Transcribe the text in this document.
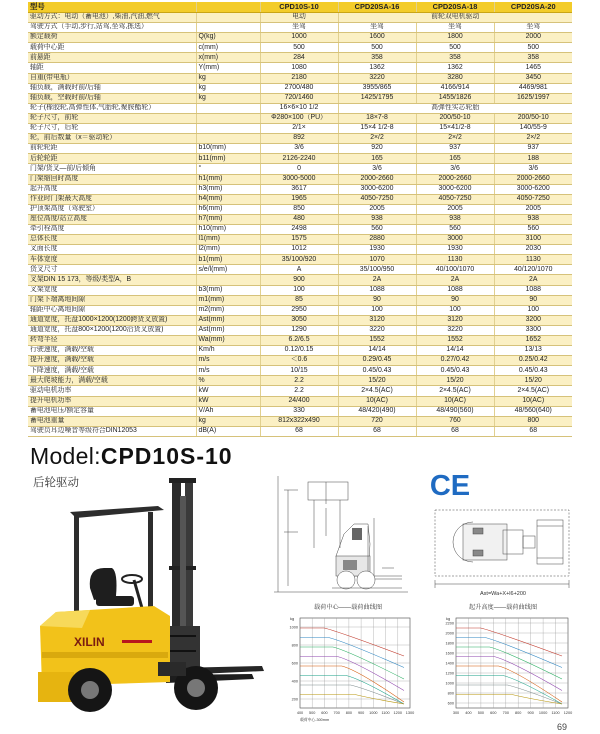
型号		CPD10S-10	CPD20SA-16	CPD20SA-18	CPD20SA-20
驱动方式：电动（蓄电池）,柴油,汽油,燃气		电动	前轮双电机驱动		
驾驶方式（手动,步行,站驾,坐驾,拣选）		坐驾	坐驾	坐驾	坐驾
额定载荷	Q(kg)	1000	1600	1800	2000
载荷中心距	c(mm)	500	500	500	500
前悬距	x(mm)	284	358	358	358
轴距	Y(mm)	1080	1362	1362	1465
自重(带电瓶）	kg	2180	3220	3280	3450
轴负载，满载时前/后轴	kg	2700/480	3955/865	4166/914	4469/981
轴负载，空载时前/后轴	kg	720/1460	1425/1795	1455/1826	1625/1997
轮子(橡胶轮,高弹性体,气胎轮,聚胺酯轮）		16×6×10 1/2	高弹性实芯轮胎		
轮子尺寸，前轮		Φ280×100（PU）	18×7-8	200/50-10	200/50-10
轮子尺寸，后轮		2/1×	15×4 1/2-8	15×41/2-8	140/55-9
轮，前后数量（x＝驱动轮）		892	2×/2	2×/2	2×/2
前轮轮距	b10(mm)	3/6	920	937	937
后轮轮距	b11(mm)	2126-2240	165	165	188
门架/货叉—前/后倾角	°	0	3/6	3/6	3/6
门架缩回时高度	h1(mm)	3000-5000	2000-2660	2000-2660	2000-2660
起升高度	h3(mm)	3617	3000-6200	3000-6200	3000-6200
作业时门架最大高度	h4(mm)	1965	4050-7250	4050-7250	4050-7250
护顶架高度（驾驶室）	h6(mm)	850	2005	2005	2005
座位高度/站立高度	h7(mm)	480	938	938	938
牵引栓高度	h10(mm)	2498	560	560	560
总体长度	l1(mm)	1575	2880	3000	3100
叉面长度	l2(mm)	1012	1930	1930	2030
车体宽度	b1(mm)	35/100/920	1070	1130	1130
货叉尺寸	s/e/l(mm)	A	35/100/950	40/100/1070	40/120/1070
叉架DIN 15 173，等级/类型A，B		900	2A	2A	2A
叉架宽度	b3(mm)	100	1088	1088	1088
门架下端离地间隙	m1(mm)	85	90	90	90
轴距中心离地间隙	m2(mm)	2950	100	100	100
通道宽度，托盘1000×1200(1200跨货叉放置)	Ast(mm)	3050	3120	3120	3200
通道宽度，托盘800×1200(1200沿货叉放置)	Ast(mm)	1290	3220	3220	3300
转弯半径	Wa(mm)	6.2/6.5	1552	1552	1652
行驶速度，满载/空载	Km/h	0.12/0.15	14/14	14/14	13/13
提升速度，满载/空载	m/s	＜0.6	0.29/0.45	0.27/0.42	0.25/0.42
下降速度，满载/空载	m/s	10/15	0.45/0.43	0.45/0.43	0.45/0.43
最大爬坡能力，满载/空载	%	2.2	15/20	15/20	15/20
驱动电机功率	kW	2.2	2×4.5(AC)	2×4.5(AC)	2×4.5(AC)
提升电机功率	kW	24/400	10(AC)	10(AC)	10(AC)
蓄电池电压/额定容量	V/Ah	330	48/420(490)	48/490(560)	48/560(640)
蓄电池重量	kg	812x322x490	720	760	800
驾驶员耳边噪音等级符合DIN12053	dB(A)	68	68	68	68
Model:CPD10S-10
后轮驱动	CE
XILIN
Ast=Wa+X+l6+200
载荷中心——载荷曲线图
400 500 600 700 800 900 1000 1100 1200 1300
1000
800
600
400
200
kg
载荷中心-300mm
起升高度——载荷曲线图
300 400 500 600 700 800 900 1000 1100 1200
2200
2000
1800
1600
1400
1200
1000
800
600
kg
69
